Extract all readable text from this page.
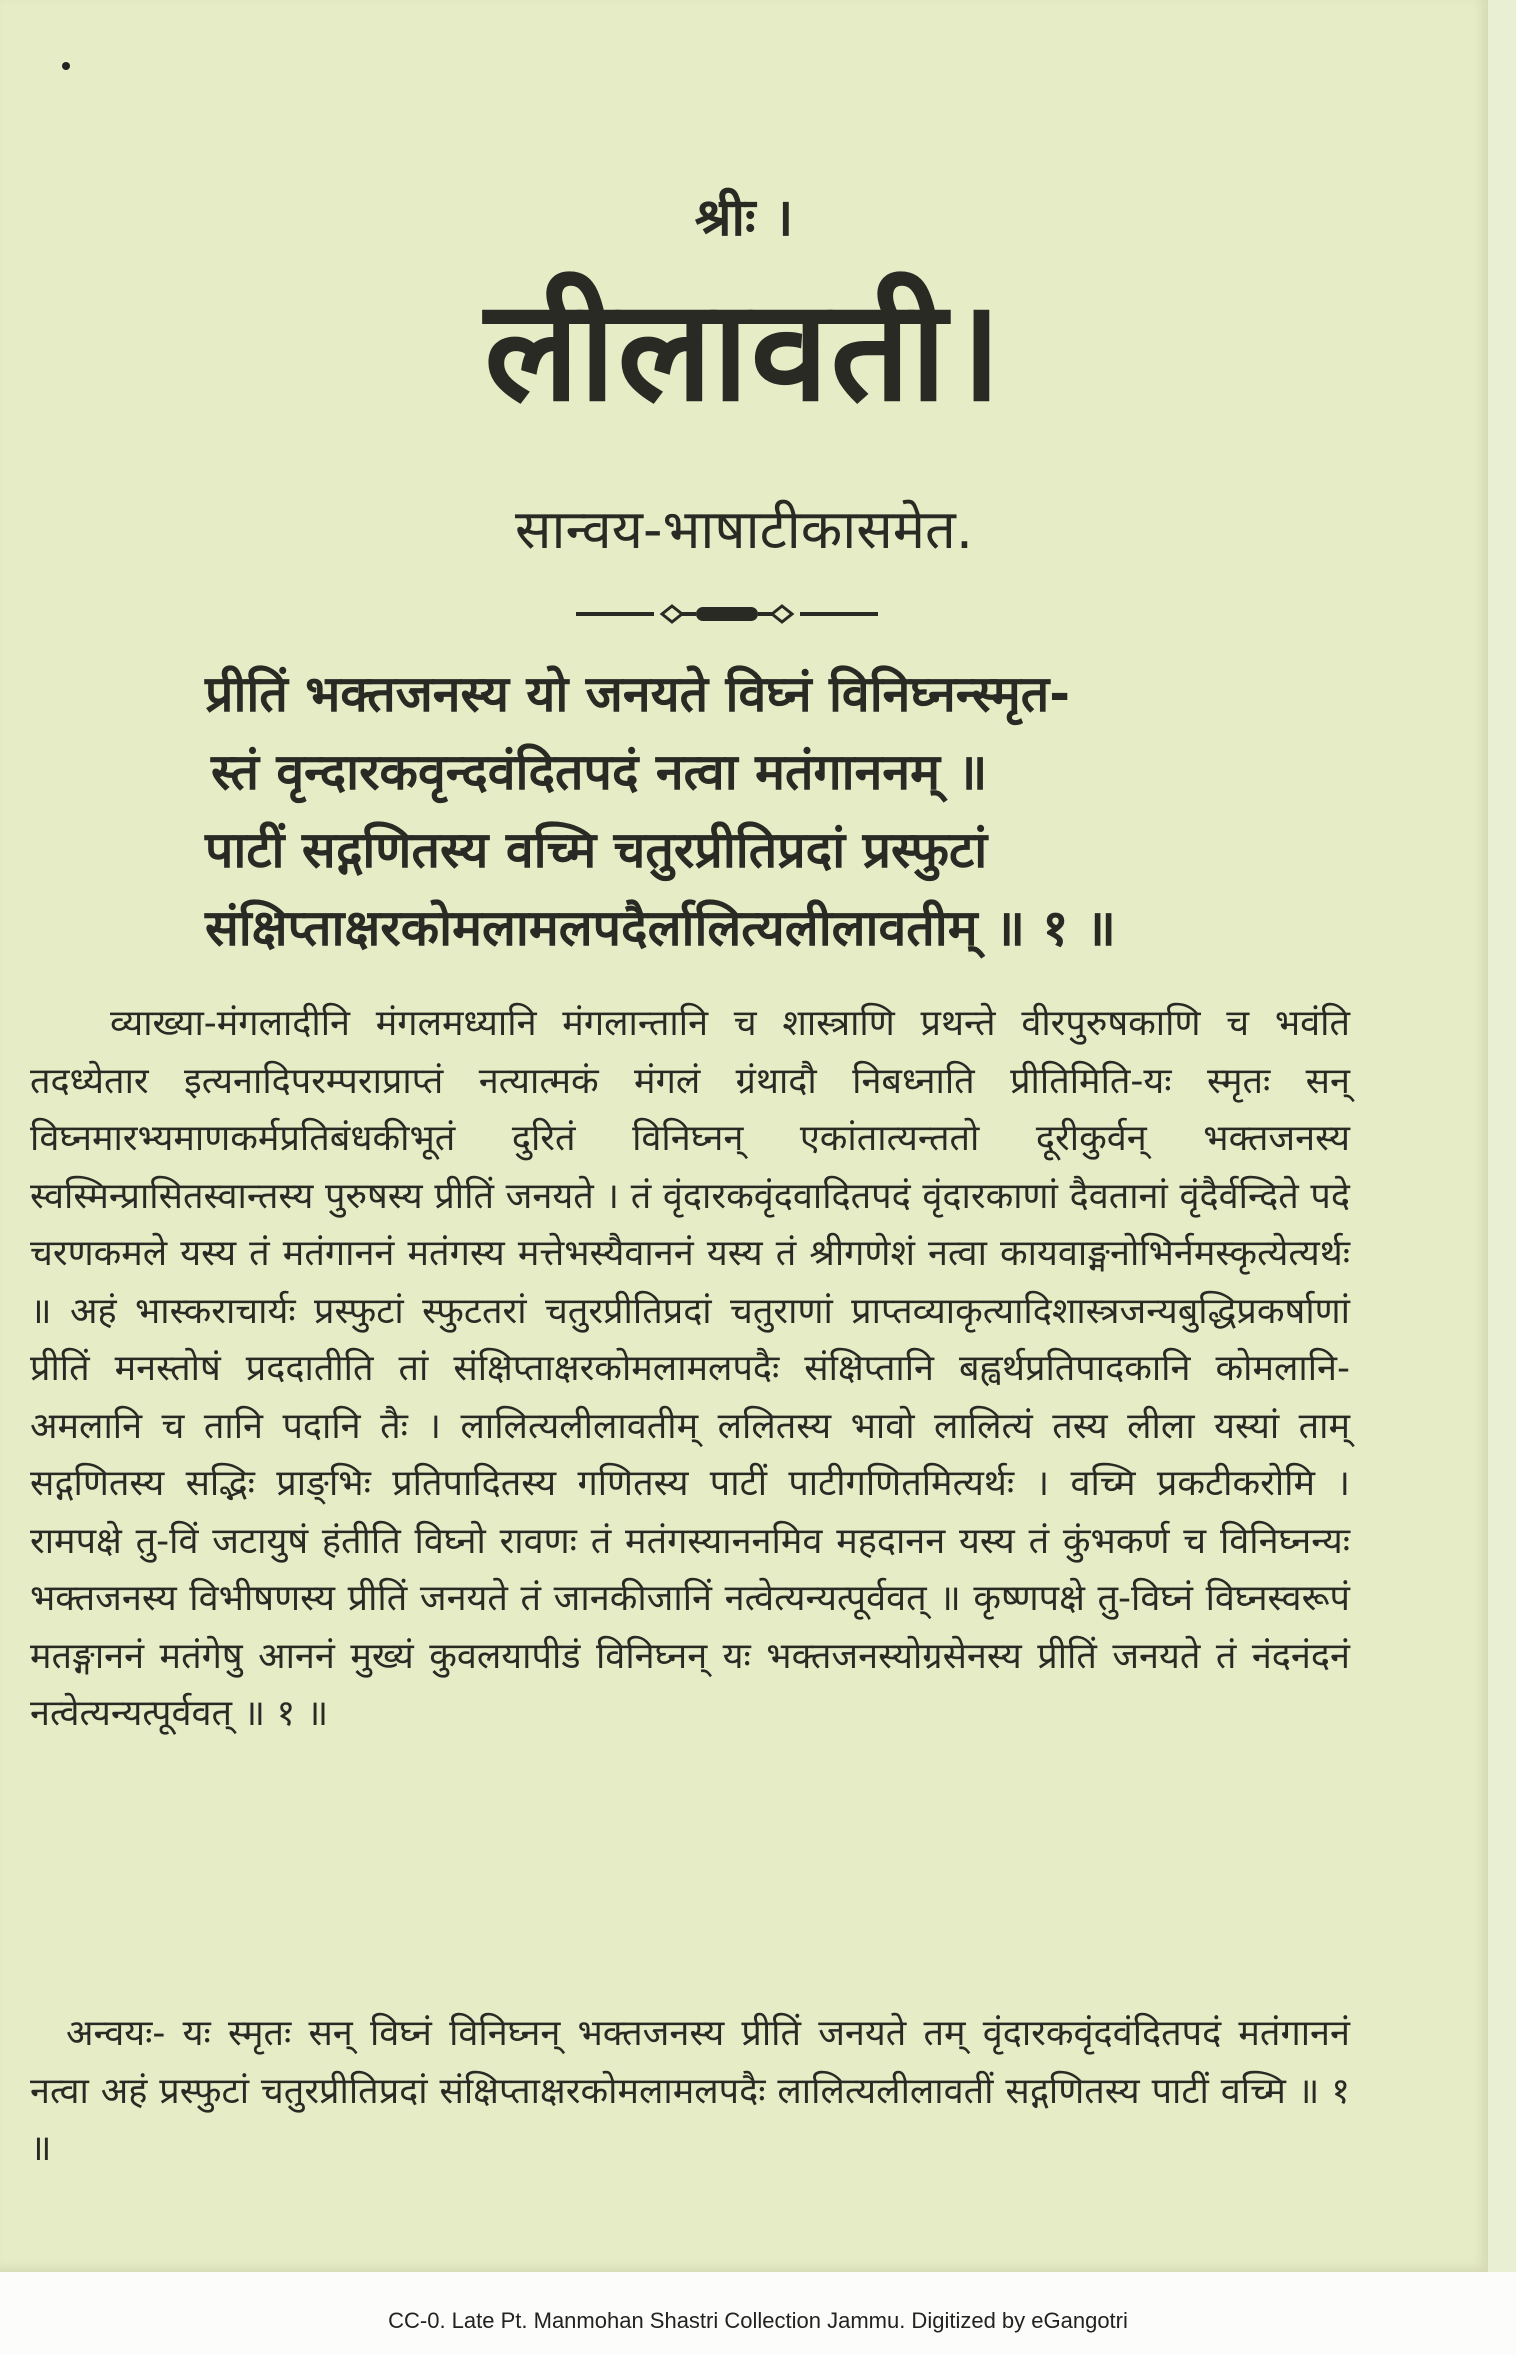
श्रीः ।
लीलावती।
सान्वय-भाषाटीकासमेत.
प्रीतिं भक्तजनस्य यो जनयते विघ्नं विनिघ्नन्स्मृत-
स्तं वृन्दारकवृन्दवंदितपदं नत्वा मतंगाननम् ॥
पाटीं सद्गणितस्य वच्मि चतुरप्रीतिप्रदां प्रस्फुटां
संक्षिप्ताक्षरकोमलामलपदैर्लालित्यलीलावतीम् ॥ १ ॥
व्याख्या-मंगलादीनि मंगलमध्यानि मंगलान्तानि च शास्त्राणि प्रथन्ते वीरपुरुषकाणि च भवंति तदध्येतार इत्यनादिपरम्पराप्राप्तं नत्यात्मकं मंगलं ग्रंथादौ निबध्नाति प्रीतिमिति-यः स्मृतः सन् विघ्नमारभ्यमाणकर्मप्रतिबंधकीभूतं दुरितं विनिघ्नन् एकांतात्यन्ततो दूरीकुर्वन् भक्तजनस्य स्वस्मिन्प्रासितस्वान्तस्य पुरुषस्य प्रीतिं जनयते । तं वृंदारकवृंदवादितपदं वृंदारकाणां दैवतानां वृंदैर्वन्दिते पदे चरणकमले यस्य तं मतंगाननं मतंगस्य मत्तेभस्यैवाननं यस्य तं श्रीगणेशं नत्वा कायवाङ्मनोभिर्नमस्कृत्येत्यर्थः ॥ अहं भास्कराचार्यः प्रस्फुटां स्फुटतरां चतुरप्रीतिप्रदां चतुराणां प्राप्तव्याकृत्यादिशास्त्रजन्यबुद्धिप्रकर्षाणां प्रीतिं मनस्तोषं प्रददातीति तां संक्षिप्ताक्षरकोमलामलपदैः संक्षिप्तानि बह्वर्थप्रतिपादकानि कोमलानि-अमलानि च तानि पदानि तैः । लालित्यलीलावतीम् ललितस्य भावो लालित्यं तस्य लीला यस्यां ताम् सद्गणितस्य सद्भिः प्राङ्भिः प्रतिपादितस्य गणितस्य पाटीं पाटीगणितमित्यर्थः । वच्मि प्रकटीकरोमि । रामपक्षे तु-विं जटायुषं हंतीति विघ्नो रावणः तं मतंगस्याननमिव महदानन यस्य तं कुंभकर्ण च विनिघ्नन्यः भक्तजनस्य विभीषणस्य प्रीतिं जनयते तं जानकीजानिं नत्वेत्यन्यत्पूर्ववत् ॥ कृष्णपक्षे तु-विघ्नं विघ्नस्वरूपं मतङ्गाननं मतंगेषु आननं मुख्यं कुवलयापीडं विनिघ्नन् यः भक्तजनस्योग्रसेनस्य प्रीतिं जनयते तं नंदनंदनं नत्वेत्यन्यत्पूर्ववत् ॥ १ ॥
अन्वयः- यः स्मृतः सन् विघ्नं विनिघ्नन् भक्तजनस्य प्रीतिं जनयते तम् वृंदारकवृंदवंदितपदं मतंगाननं नत्वा अहं प्रस्फुटां चतुरप्रीतिप्रदां संक्षिप्ताक्षरकोमलामलपदैः लालित्यलीलावतीं सद्गणितस्य पाटीं वच्मि ॥ १ ॥
CC-0. Late Pt. Manmohan Shastri Collection Jammu. Digitized by eGangotri
